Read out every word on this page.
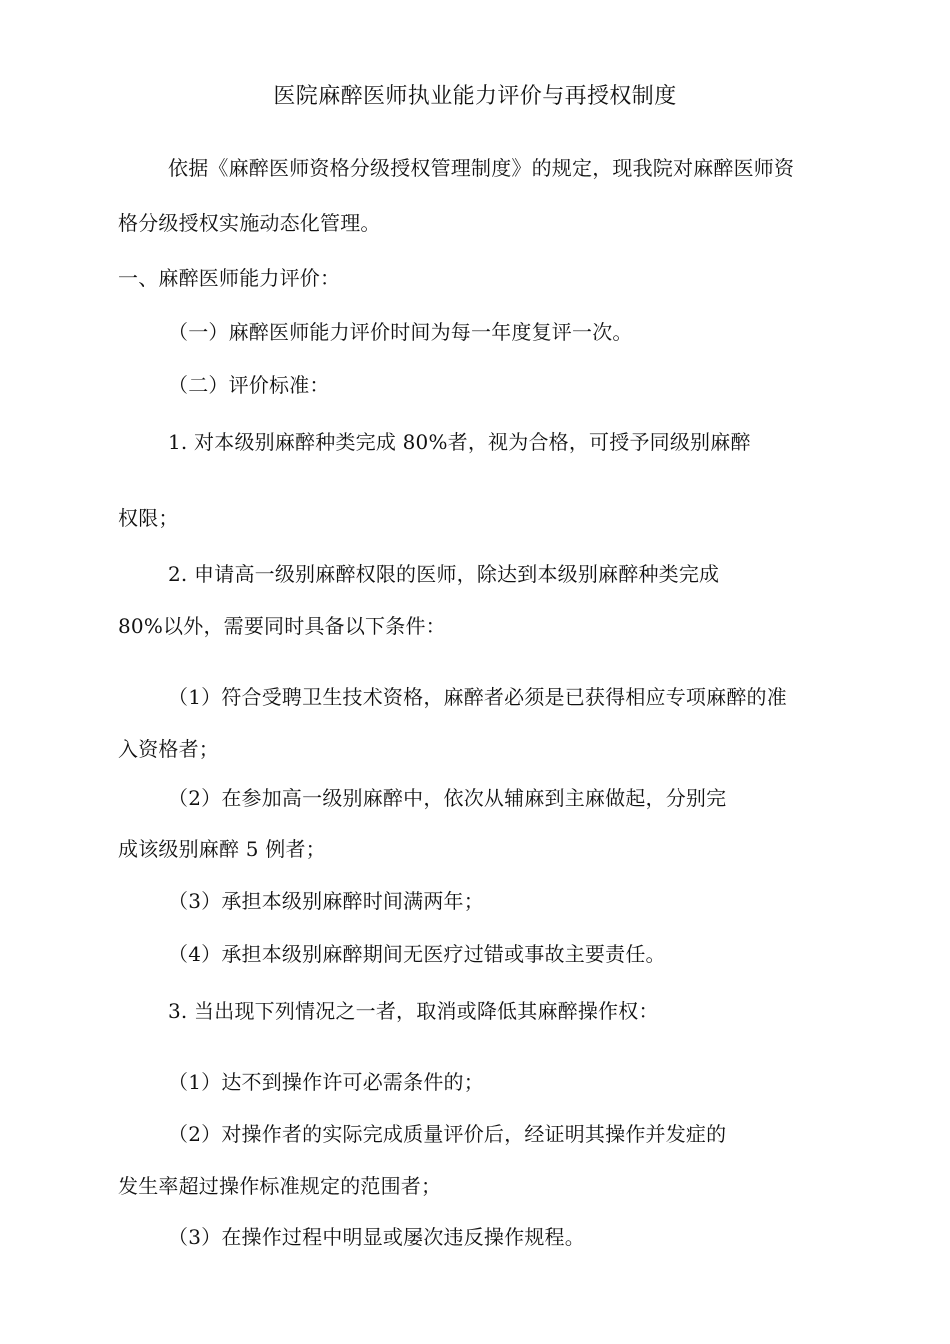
医院麻醉医师执业能力评价与再授权制度
依据《麻醉医师资格分级授权管理制度》的规定，现我院对麻醉医师资
格分级授权实施动态化管理。
一、麻醉医师能力评价：
（一）麻醉医师能力评价时间为每一年度复评一次。
（二）评价标准：
1. 对本级别麻醉种类完成 80%者，视为合格，可授予同级别麻醉
权限；
2. 申请高一级别麻醉权限的医师，除达到本级别麻醉种类完成
80%以外，需要同时具备以下条件：
（1）符合受聘卫生技术资格，麻醉者必须是已获得相应专项麻醉的准
入资格者；
（2）在参加高一级别麻醉中，依次从辅麻到主麻做起，分别完
成该级别麻醉 5 例者；
（3）承担本级别麻醉时间满两年；
（4）承担本级别麻醉期间无医疗过错或事故主要责任。
3. 当出现下列情况之一者，取消或降低其麻醉操作权：
（1）达不到操作许可必需条件的；
（2）对操作者的实际完成质量评价后，经证明其操作并发症的
发生率超过操作标准规定的范围者；
（3）在操作过程中明显或屡次违反操作规程。
